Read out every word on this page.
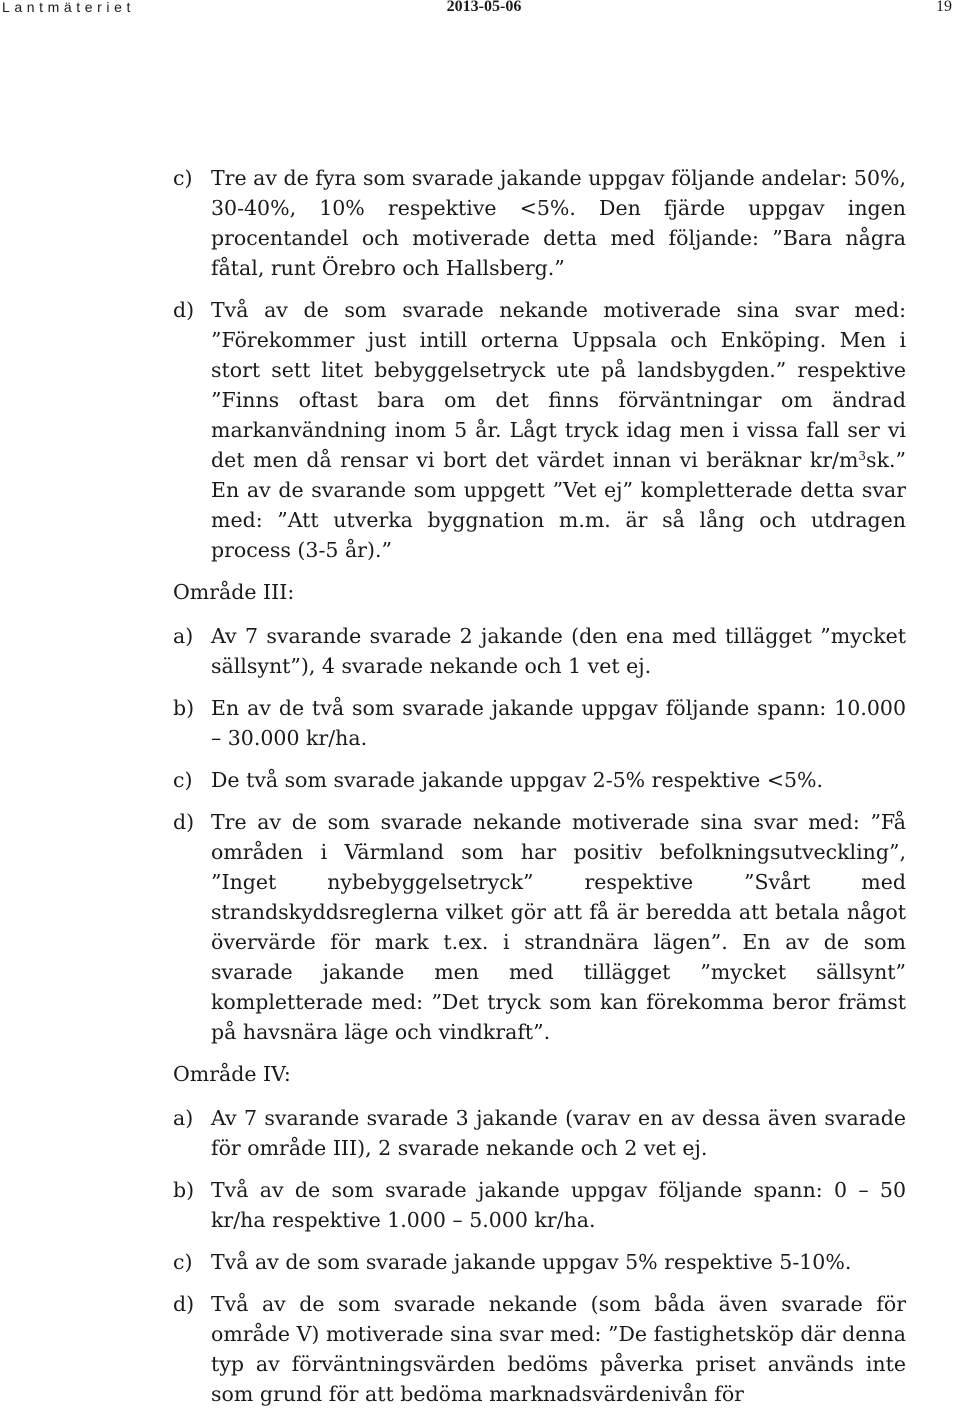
Lantmäteriet	2013-05-06	19
c) Tre av de fyra som svarade jakande uppgav följande andelar: 50%, 30-40%, 10% respektive <5%. Den fjärde uppgav ingen procentandel och motiverade detta med följande: ”Bara några fåtal, runt Örebro och Hallsberg.”
d) Två av de som svarade nekande motiverade sina svar med: ”Förekommer just intill orterna Uppsala och Enköping. Men i stort sett litet bebyggelsetryck ute på landsbygden.” respektive ”Finns oftast bara om det finns förväntningar om ändrad markanvändning inom 5 år. Lågt tryck idag men i vissa fall ser vi det men då rensar vi bort det värdet innan vi beräknar $kr/m^3sk$.” En av de svarande som uppgett ”Vet ej” kompletterade detta svar med: ”Att utverka byggnation m.m. är så lång och utdragen process (3-5 år).”
Område III:
a) Av 7 svarande svarade 2 jakande (den ena med tillägget ”mycket sällsynt”), 4 svarade nekande och 1 vet ej.
b) En av de två som svarade jakande uppgav följande spann: 10.000 – 30.000 kr/ha.
c) De två som svarade jakande uppgav 2-5% respektive <5%.
d) Tre av de som svarade nekande motiverade sina svar med: ”Få områden i Värmland som har positiv befolkningsutveckling”, ”Inget nybebyggelsetryck” respektive ”Svårt med strandskyddsreglerna vilket gör att få är beredda att betala något övervärde för mark t.ex. i strandnära lägen”. En av de som svarade jakande men med tillägget ”mycket sällsynt” kompletterade med: ”Det tryck som kan förekomma beror främst på havsnära läge och vindkraft”.
Område IV:
a) Av 7 svarande svarade 3 jakande (varav en av dessa även svarade för område III), 2 svarade nekande och 2 vet ej.
b) Två av de som svarade jakande uppgav följande spann: 0 – 50 kr/ha respektive 1.000 – 5.000 kr/ha.
c) Två av de som svarade jakande uppgav 5% respektive 5-10%.
d) Två av de som svarade nekande (som båda även svarade för område V) motiverade sina svar med: ”De fastighetsköp där denna typ av förväntningsvärden bedöms påverka priset används inte som grund för att bedöma marknadsvärdenivån för
